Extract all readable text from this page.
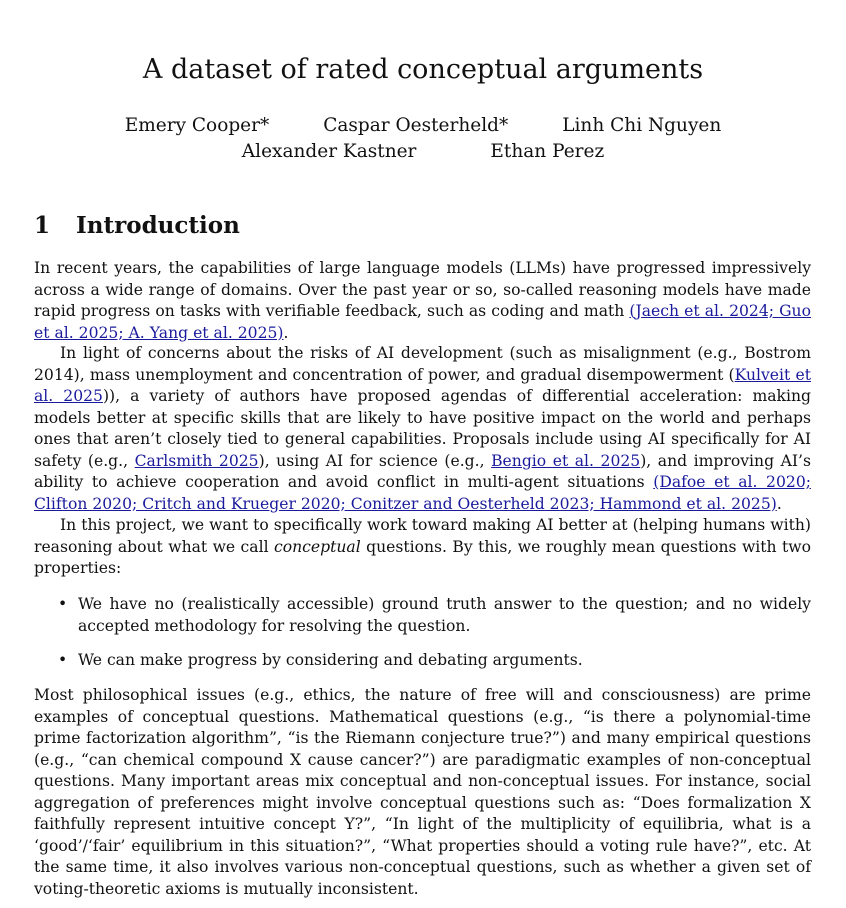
A dataset of rated conceptual arguments
Emery Cooper*	Caspar Oesterheld*	Linh Chi Nguyen
Alexander Kastner	Ethan Perez
1 Introduction
In recent years, the capabilities of large language models (LLMs) have progressed impressively across a wide range of domains. Over the past year or so, so-called reasoning models have made rapid progress on tasks with verifiable feedback, such as coding and math (Jaech et al. 2024; Guo et al. 2025; A. Yang et al. 2025).
In light of concerns about the risks of AI development (such as misalignment (e.g., Bostrom 2014), mass unemployment and concentration of power, and gradual disempowerment (Kulveit et al. 2025)), a variety of authors have proposed agendas of differential acceleration: making models better at specific skills that are likely to have positive impact on the world and perhaps ones that aren’t closely tied to general capabilities. Proposals include using AI specifically for AI safety (e.g., Carlsmith 2025), using AI for science (e.g., Bengio et al. 2025), and improving AI’s ability to achieve cooperation and avoid conflict in multi-agent situations (Dafoe et al. 2020; Clifton 2020; Critch and Krueger 2020; Conitzer and Oesterheld 2023; Hammond et al. 2025).
In this project, we want to specifically work toward making AI better at (helping humans with) reasoning about what we call conceptual questions. By this, we roughly mean questions with two properties:
• We have no (realistically accessible) ground truth answer to the question; and no widely accepted methodology for resolving the question.
• We can make progress by considering and debating arguments.
Most philosophical issues (e.g., ethics, the nature of free will and consciousness) are prime examples of conceptual questions. Mathematical questions (e.g., “is there a polynomial-time prime factorization algorithm”, “is the Riemann conjecture true?”) and many empirical questions (e.g., “can chemical compound X cause cancer?”) are paradigmatic examples of non-conceptual questions. Many important areas mix conceptual and non-conceptual issues. For instance, social aggregation of preferences might involve conceptual questions such as: “Does formalization X faithfully represent intuitive concept Y?”, “In light of the multiplicity of equilibria, what is a ‘good’/‘fair’ equilibrium in this situation?”, “What properties should a voting rule have?”, etc. At the same time, it also involves various non-conceptual questions, such as whether a given set of voting-theoretic axioms is mutually inconsistent.
